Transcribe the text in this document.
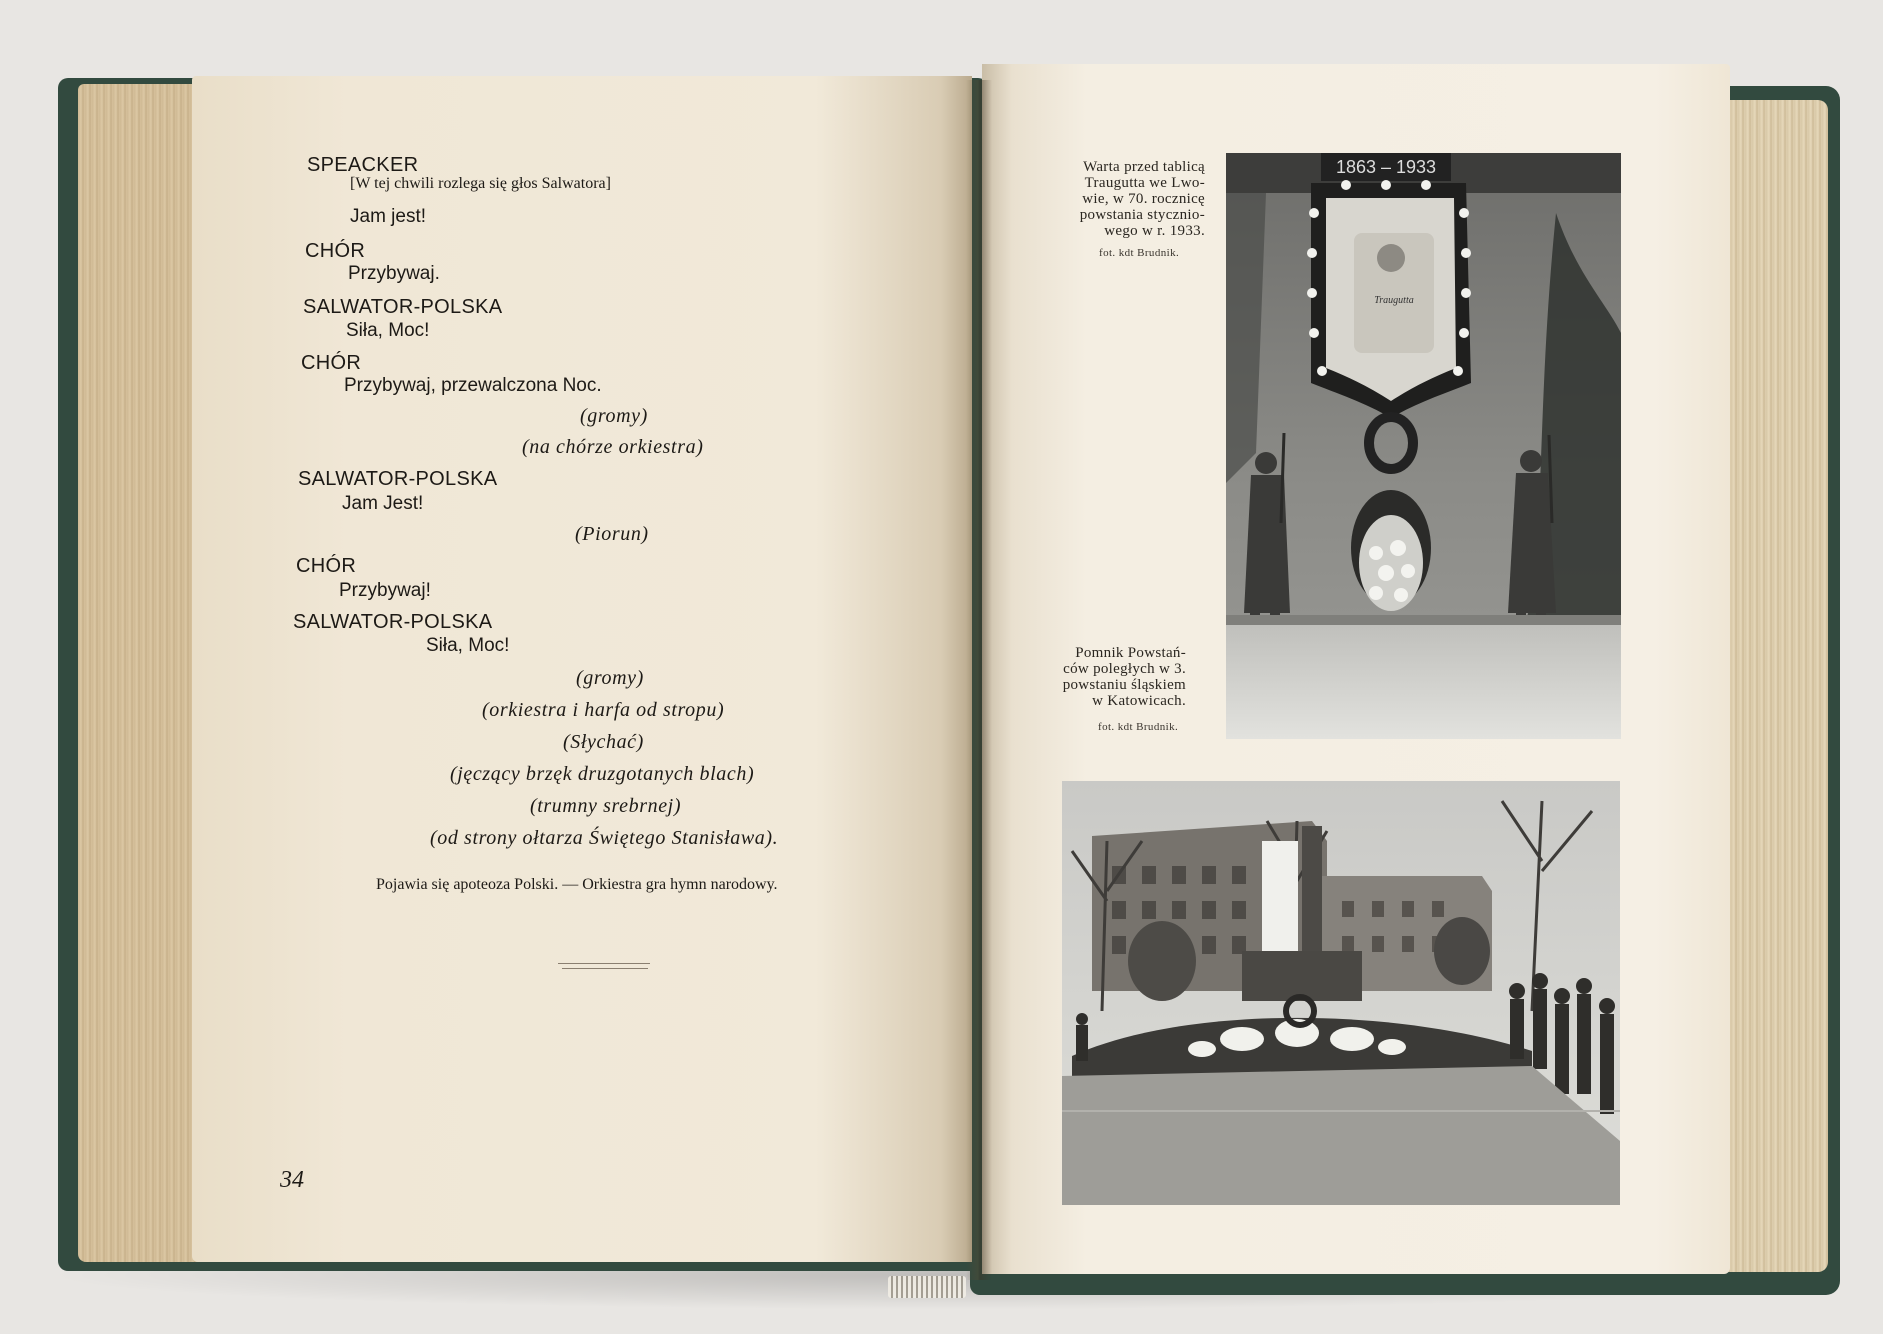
SPEACKER
[W tej chwili rozlega się głos Salwatora]
Jam jest!
CHÓR
Przybywaj.
SALWATOR-POLSKA
Siła, Moc!
CHÓR
Przybywaj, przewalczona Noc.
(gromy)
(na chórze orkiestra)
SALWATOR-POLSKA
Jam Jest!
(Piorun)
CHÓR
Przybywaj!
SALWATOR-POLSKA
Siła, Moc!
(gromy)
(orkiestra i harfa od stropu)
(Słychać)
(jęczący brzęk druzgotanych blach)
(trumny srebrnej)
(od strony ołtarza Świętego Stanisława).
Pojawia się apoteoza Polski. — Orkiestra gra hymn narodowy.
34
Warta przed tablicą
Traugutta we Lwo-
wie, w 70. rocznicę
powstania styczniо-
wego w r. 1933.
fot. kdt Brudnik.
Pomnik Powstań-
ców poległych w 3.
powstaniu śląskiem
w Katowicach.
fot. kdt Brudnik.
1863 – 1933
Traugutta
